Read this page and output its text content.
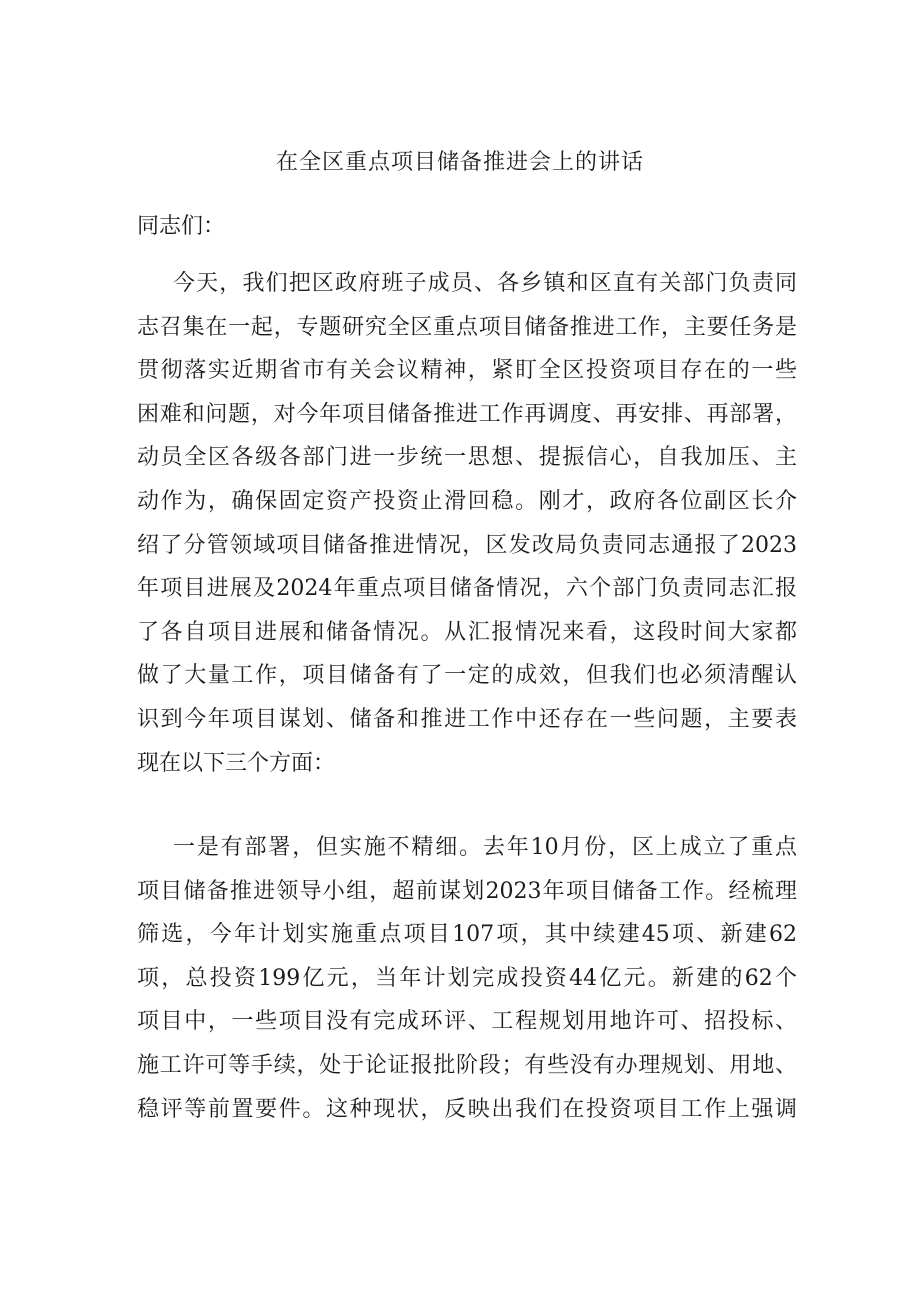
在全区重点项目储备推进会上的讲话
同志们：
今天，我们把区政府班子成员、各乡镇和区直有关部门负责同
志召集在一起，专题研究全区重点项目储备推进工作，主要任务是
贯彻落实近期省市有关会议精神，紧盯全区投资项目存在的一些
困难和问题，对今年项目储备推进工作再调度、再安排、再部署，
动员全区各级各部门进一步统一思想、提振信心，自我加压、主
动作为，确保固定资产投资止滑回稳。刚才，政府各位副区长介
绍了分管领域项目储备推进情况，区发改局负责同志通报了2023
年项目进展及2024年重点项目储备情况，六个部门负责同志汇报
了各自项目进展和储备情况。从汇报情况来看，这段时间大家都
做了大量工作，项目储备有了一定的成效，但我们也必须清醒认
识到今年项目谋划、储备和推进工作中还存在一些问题，主要表
现在以下三个方面：
一是有部署，但实施不精细。去年10月份，区上成立了重点
项目储备推进领导小组，超前谋划2023年项目储备工作。经梳理
筛选，今年计划实施重点项目107项，其中续建45项、新建62
项，总投资199亿元，当年计划完成投资44亿元。新建的62个
项目中，一些项目没有完成环评、工程规划用地许可、招投标、
施工许可等手续，处于论证报批阶段；有些没有办理规划、用地、
稳评等前置要件。这种现状，反映出我们在投资项目工作上强调
